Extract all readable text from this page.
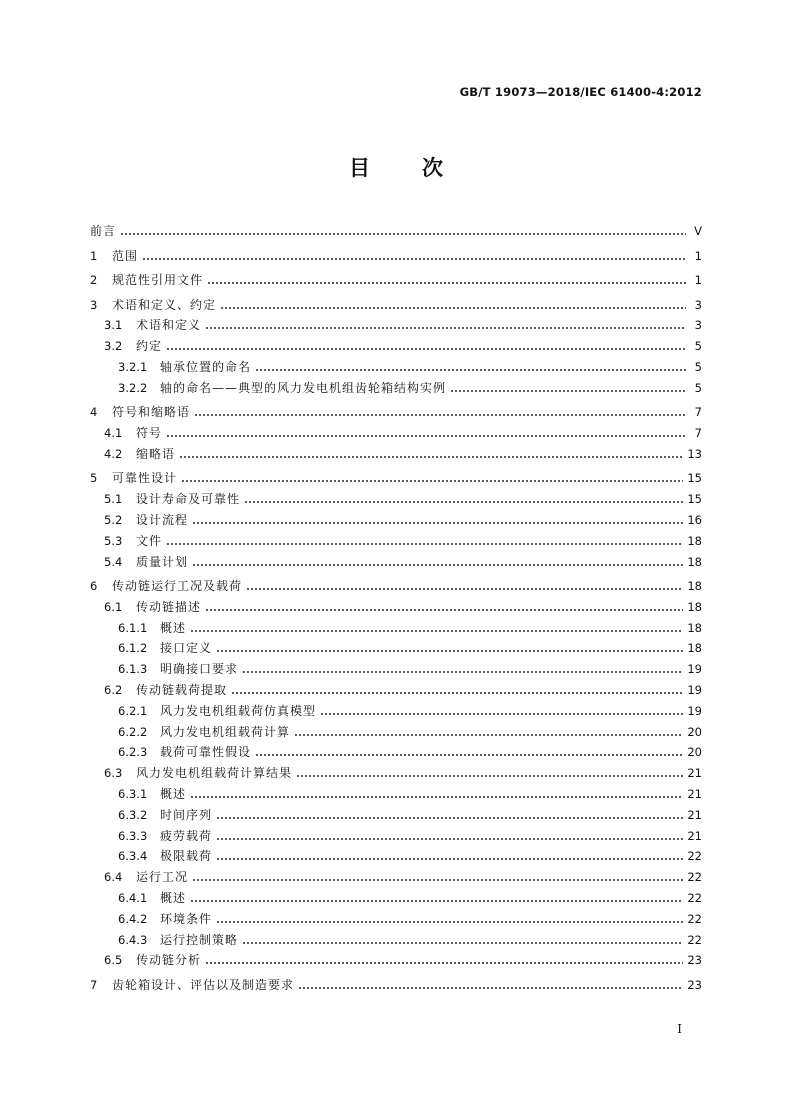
GB/T 19073—2018/IEC 61400-4:2012
目 次
前言	V
1	范围	1
2	规范性引用文件	1
3	术语和定义、约定	3
3.1	术语和定义	3
3.2	约定	5
3.2.1	轴承位置的命名	5
3.2.2	轴的命名——典型的风力发电机组齿轮箱结构实例	5
4	符号和缩略语	7
4.1	符号	7
4.2	缩略语	13
5	可靠性设计	15
5.1	设计寿命及可靠性	15
5.2	设计流程	16
5.3	文件	18
5.4	质量计划	18
6	传动链运行工况及载荷	18
6.1	传动链描述	18
6.1.1	概述	18
6.1.2	接口定义	18
6.1.3	明确接口要求	19
6.2	传动链载荷提取	19
6.2.1	风力发电机组载荷仿真模型	19
6.2.2	风力发电机组载荷计算	20
6.2.3	载荷可靠性假设	20
6.3	风力发电机组载荷计算结果	21
6.3.1	概述	21
6.3.2	时间序列	21
6.3.3	疲劳载荷	21
6.3.4	极限载荷	22
6.4	运行工况	22
6.4.1	概述	22
6.4.2	环境条件	22
6.4.3	运行控制策略	22
6.5	传动链分析	23
7	齿轮箱设计、评估以及制造要求	23
I
